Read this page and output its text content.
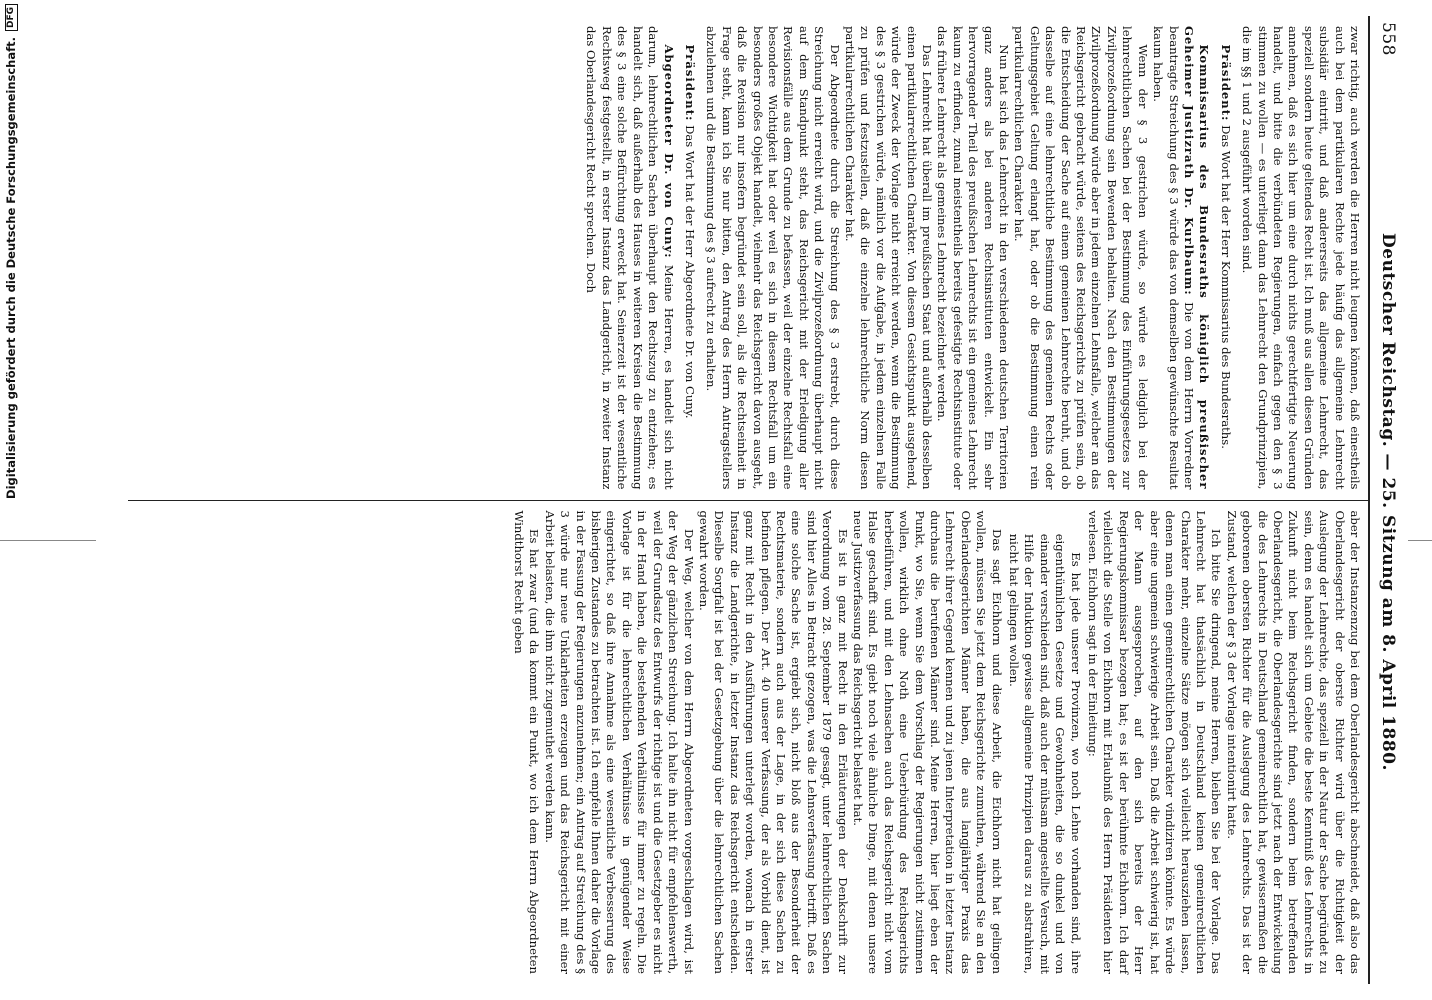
558
Deutscher Reichstag. — 25. Sitzung am 8. April 1880.

zwar richtig, auch werden die Herren nicht leugnen können, daß einestheils auch bei dem partikularen Rechte jede häufig das allgemeine Lehnrecht subsidiär eintritt, und daß andererseits das allgemeine Lehnrecht, das speziell sondern heute geltendes Recht ist. Ich muß aus allen diesen Gründen annehmen, daß es sich hier um eine durch nichts gerechtfertigte Neuerung handelt, und bitte die verbündeten Regierungen, einfach gegen den § 3 stimmen zu wollen — es unterliegt dann das Lehnrecht den Grundprinzipien, die im §§ 1 und 2 ausgeführt worden sind.

Präsident: Das Wort hat der Herr Kommissarius des Bundesraths.

Kommissarius des Bundesraths königlich preußischer Geheimer Justizrath Dr. Kurlbaum: Die von dem Herrn Vorredner beantragte Streichung des § 3 würde das von demselben gewünschte Resultat kaum haben.

Wenn der § 3 gestrichen würde, so würde es lediglich bei der lehnrechtlichen Sachen bei der Bestimmung des Einführungsgesetzes zur Zivilprozeßordnung sein Bewenden behalten. Nach den Bestimmungen der Zivilprozeßordnung würde aber in jedem einzelnen Lehnsfalle, welcher an das Reichsgericht gebracht würde, seitens des Reichsgerichts zu prüfen sein, ob die Entscheidung der Sache auf einem gemeinen Lehnrechte beruht, und ob dasselbe auf eine lehnrechtliche Bestimmung des gemeinen Rechts oder Geltungsgebiet Geltung erlangt hat, oder ob die Bestimmung einen rein partikularrechtlichen Charakter hat.

Nun hat sich das Lehnrecht in den verschiedenen deutschen Territorien ganz anders als bei anderen Rechtsinstituten entwickelt. Ein sehr hervorragender Theil des preußischen Lehnrechts ist ein gemeines Lehnrecht kaum zu erfinden, zumal meistentheils bereits gefestigte Rechtsinstitute oder das frühere Lehnrecht als gemeines Lehnrecht bezeichnet werden.

Das Lehnrecht hat überall im preußischen Staat und außerhalb desselben einen partikularrechtlichen Charakter. Von diesem Gesichtspunkt ausgehend, würde der Zweck der Vorlage nicht erreicht werden, wenn die Bestimmung des § 3 gestrichen würde, nämlich vor die Aufgabe, in jedem einzelnen Falle zu prüfen und festzustellen, daß die einzelne lehnrechtliche Norm diesen partikularrechtlichen Charakter hat.

Der Abgeordnete durch die Streichung des § 3 erstrebt, durch diese Streichung nicht erreicht wird, und die Zivilprozeßordnung überhaupt nicht auf dem Standpunkt steht, das Reichsgericht mit der Erledigung aller Revisionsfälle aus dem Grunde zu befassen, weil der einzelne Rechtsfall eine besondere Wichtigkeit hat oder weil es sich in diesem Rechtsfall um ein besonders großes Objekt handelt, vielmehr das Reichsgericht davon ausgeht, daß die Revision nur insofern begründet sein soll, als die Rechtseinheit in Frage steht, kann ich Sie nur bitten, den Antrag des Herrn Antragstellers abzulehnen und die Bestimmung des § 3 aufrecht zu erhalten.

Präsident: Das Wort hat der Herr Abgeordnete Dr. von Cuny.

Abgeordneter Dr. von Cuny: Meine Herren, es handelt sich nicht darum, lehnrechtlichen Sachen überhaupt den Rechtszug zu entziehen; es handelt sich, daß außerhalb des Hauses in weiteren Kreisen die Bestimmung des § 3 eine solche Befürchtung erweckt hat. Seinerzeit ist der wesentliche Rechtsweg festgestellt, in erster Instanz das Landgericht, in zweiter Instanz das Oberlandesgericht Recht sprechen. Doch

aber der Instanzenzug bei dem Oberlandesgericht abschneidet, daß also das Oberlandesgericht der oberste Richter wird über die Richtigkeit der Auslegung der Lehnrechte, das speziell in der Natur der Sache begründet zu sein, denn es handelt sich um Gebiete die beste Kenntniß des Lehnrechts in Zukunft nicht beim Reichsgericht finden, sondern beim betreffenden Oberlandesgericht, die Oberlandesgerichte sind jetzt nach der Entwickelung die des Lehnrechts in Deutschland gemeinrechtlich hat, gewissermaßen die geborenen obersten Richter für die Auslegung des Lehnrechts. Das ist der Zustand, welchen der § 3 der Vorlage intentionirt hatte.

Ich bitte Sie dringend, meine Herren, bleiben Sie bei der Vorlage. Das Lehnrecht hat thatsächlich in Deutschland keinen gemeinrechtlichen Charakter mehr, einzelne Sätze mögen sich vielleicht herausziehen lassen, denen man einen gemeinrechtlichen Charakter vindiziren könnte. Es würde aber eine ungemein schwierige Arbeit sein. Daß die Arbeit schwierig ist, hat der Mann ausgesprochen, auf den sich bereits der Herr Regierungskommissar bezogen hat; es ist der berühmte Eichhorn. Ich darf vielleicht die Stelle von Eichhorn mit Erlaubniß des Herrn Präsidenten hier verlesen. Eichhorn sagt in der Einleitung:

Es hat jede unserer Provinzen, wo noch Lehne vorhanden sind, ihre eigenthümlichen Gesetze und Gewohnheiten, die so dunkel und von einander verschieden sind, daß auch der mühsam angestellte Versuch, mit Hilfe der Induktion gewisse allgemeine Prinzipien daraus zu abstrahiren, nicht hat gelingen wollen.

Das sagt Eichhorn und diese Arbeit, die Eichhorn nicht hat gelingen wollen, müssen Sie jetzt dem Reichsgerichte zumuthen, während Sie an den Oberlandesgerichten Männer haben, die aus langjähriger Praxis das Lehnrecht ihrer Gegend kennen und zu jenen Interpretation in letzter Instanz durchaus die berufenen Männer sind. Meine Herren, hier liegt eben der Punkt, wo Sie, wenn Sie dem Vorschlag der Regierungen nicht zustimmen wollen, wirklich ohne Noth eine Ueberbürdung des Reichsgerichts herbeiführen, und mit den Lehnsachen auch das Reichsgericht nicht vom Halse geschafft sind. Es giebt noch viele ähnliche Dinge, mit denen unsere neue Justizverfassung das Reichsgericht belastet hat.

Es ist in ganz mit Recht in den Erläuterungen der Denkschrift zur Verordnung vom 28. September 1879 gesagt, unter lehnrechtlichen Sachen sind hier Alles in Betracht gezogen, was die Lehnsverfassung betrifft. Daß es eine solche Sache ist, ergiebt sich, nicht bloß aus der Besonderheit der Rechtsmaterie, sondern auch aus der Lage, in der sich diese Sachen zu befinden pflegen. Der Art. 40 unserer Verfassung, der als Vorbild dient, ist ganz mit Recht in den Ausführungen unterlegt worden, wonach in erster Instanz die Landgerichte, in letzter Instanz das Reichsgericht entscheiden. Dieselbe Sorgfalt ist bei der Gesetzgebung über die lehnrechtlichen Sachen gewahrt worden.

Der Weg, welcher von dem Herrn Abgeordneten vorgeschlagen wird, ist der Weg der gänzlichen Streichung. Ich halte ihn nicht für empfehlenswerth, weil der Grundsatz des Entwurfs der richtige ist und die Gesetzgeber es nicht in der Hand haben, die bestehenden Verhältnisse für immer zu regeln. Die Vorlage ist für die lehnrechtlichen Verhältnisse in genügender Weise eingerichtet, so daß ihre Annahme als eine wesentliche Verbesserung des bisherigen Zustandes zu betrachten ist. Ich empfehle Ihnen daher die Vorlage in der Fassung der Regierungen anzunehmen; ein Antrag auf Streichung des § 3 würde nur neue Unklarheiten erzeugen und das Reichsgericht mit einer Arbeit belasten, die ihm nicht zugemuthet werden kann.

Es hat zwar (und da kommt ein Punkt, wo ich dem Herrn Abgeordneten Windthorst Recht geben

Digitalisierung gefördert durch die Deutsche Forschungsgemeinschaft.
DFG
